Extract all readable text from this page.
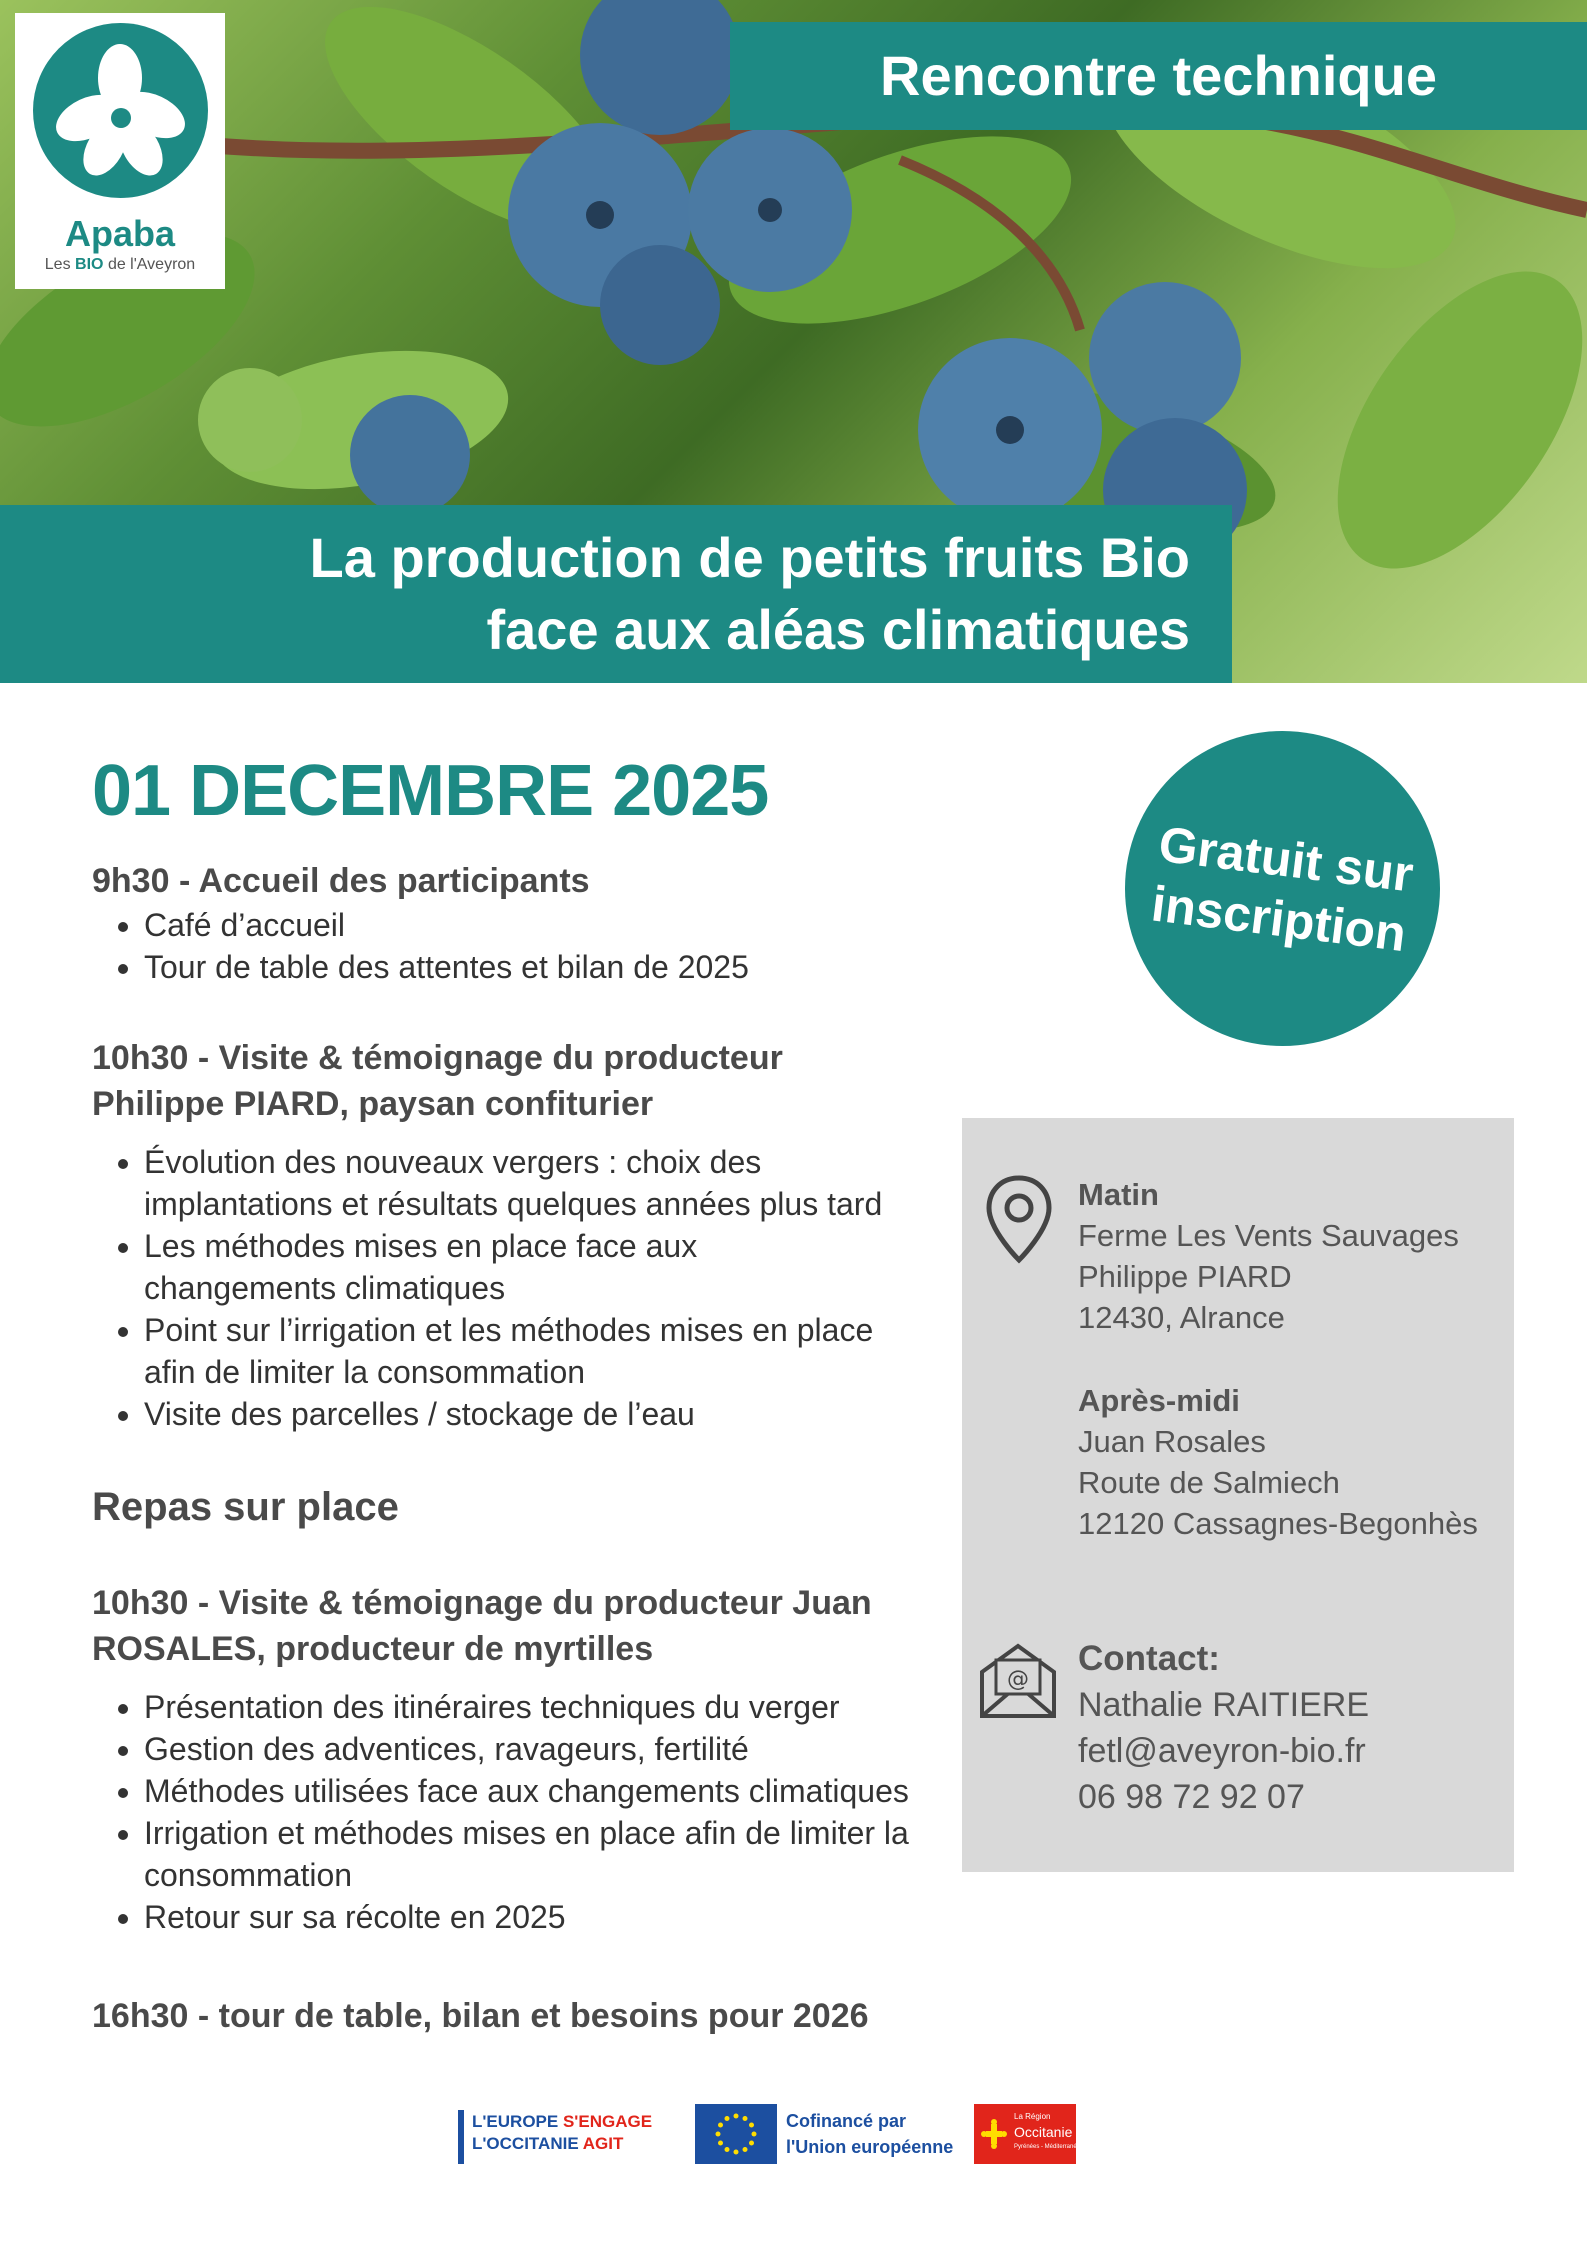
Apaba
Les BIO de l'Aveyron
Rencontre technique
La production de petits fruits Bio
face aux aléas climatiques
01 DECEMBRE 2025
Gratuit sur inscription
9h30 - Accueil des participants
• Café d’accueil
• Tour de table des attentes et bilan de 2025
10h30 - Visite & témoignage du producteur Philippe PIARD, paysan confiturier
• Évolution des nouveaux vergers : choix des implantations et résultats quelques années plus tard
• Les méthodes mises en place face aux changements climatiques
• Point sur l’irrigation et les méthodes mises en place afin de limiter la consommation
• Visite des parcelles / stockage de l’eau
Repas sur place
10h30 - Visite & témoignage du producteur Juan ROSALES, producteur de myrtilles
• Présentation des itinéraires techniques du verger
• Gestion des adventices, ravageurs, fertilité
• Méthodes utilisées face aux changements climatiques
• Irrigation et méthodes mises en place afin de limiter la consommation
• Retour sur sa récolte en 2025
16h30 - tour de table, bilan et besoins pour 2026
Matin
Ferme Les Vents Sauvages
Philippe PIARD
12430, Alrance
Après-midi
Juan Rosales
Route de Salmiech
12120 Cassagnes-Begonhès
@
Contact:
Nathalie RAITIERE
fetl@aveyron-bio.fr
06 98 72 92 07
L'EUROPE S'ENGAGE
L'OCCITANIE AGIT
Cofinancé par
l'Union européenne
La Région
Occitanie
Pyrénées - Méditerranée
